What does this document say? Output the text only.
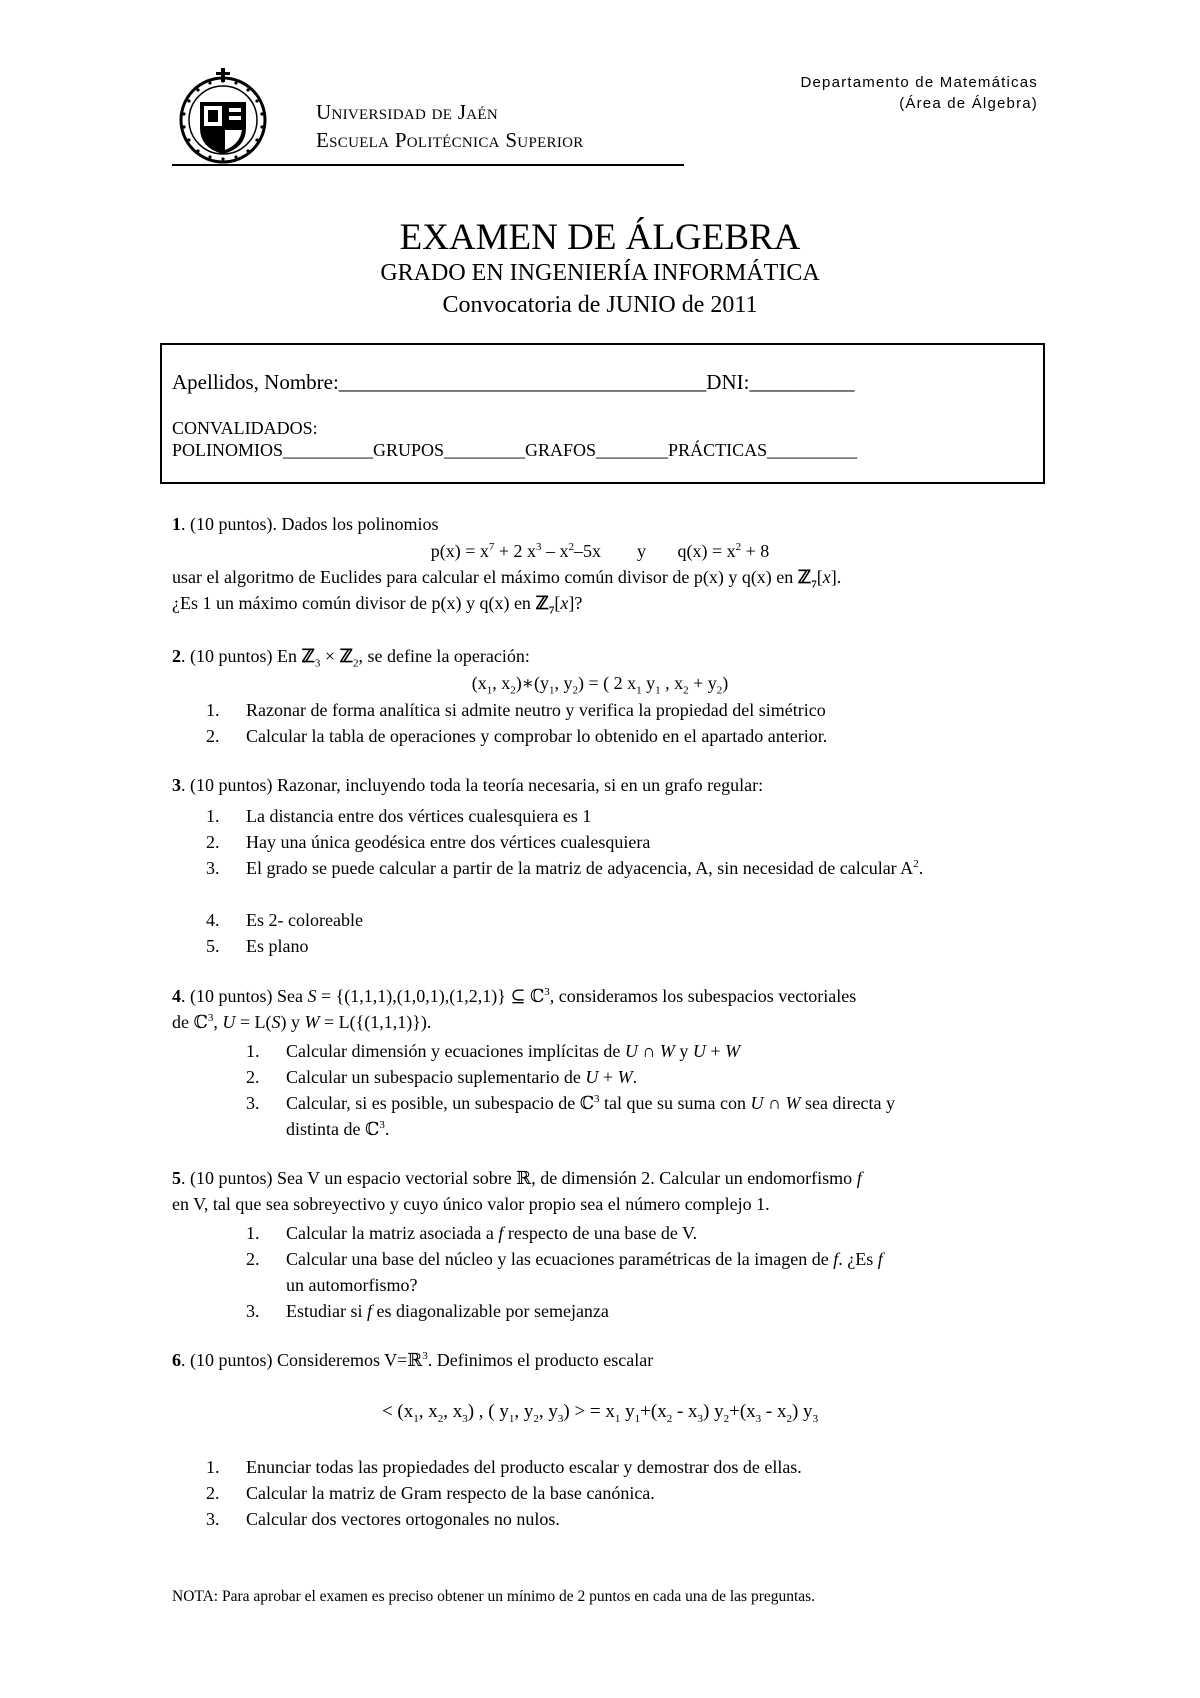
Universidad de Jaén
Escuela Politécnica Superior
Departamento de Matemáticas
(Área de Álgebra)
EXAMEN DE ÁLGEBRA
GRADO EN INGENIERÍA INFORMÁTICA
Convocatoria de JUNIO de 2011
Apellidos, Nombre:___________________________________DNI:__________
CONVALIDADOS:
POLINOMIOS__________GRUPOS_________GRAFOS________PRÁCTICAS__________
1. (10 puntos). Dados los polinomios
$p(x) = x^7 + 2$ $x^3 - x^2-5x$        y       $q(x) = x^2 + 8$
usar el algoritmo de Euclides para calcular el máximo común divisor de p(x) y q(x) en ℤ$_7$[x].
¿Es 1 un máximo común divisor de p(x) y q(x) en ℤ$_7$[x]?
2. (10 puntos) En ℤ$_3$ × ℤ$_2$, se define la operación:
($x_1$, $x_2)∗(y_1$, $y_2$) = ( 2 $x_1$ $y_1$ , $x_2 + y_2$)
1. Razonar de forma analítica si admite neutro y verifica la propiedad del simétrico
2. Calcular la tabla de operaciones y comprobar lo obtenido en el apartado anterior.
3. (10 puntos) Razonar, incluyendo toda la teoría necesaria, si en un grafo regular:
1. La distancia entre dos vértices cualesquiera es 1
2. Hay una única geodésica entre dos vértices cualesquiera
3.	El grado se puede calcular a partir de la matriz de adyacencia, A, sin necesidad de calcular $A^2$.
4. Es 2- coloreable
5. Es plano
4. (10 puntos) Sea S = {(1,1,1),(1,0,1),(1,2,1)} ⊆ ℂ$^3$, consideramos los subespacios vectoriales
de ℂ$^3$, U = L(S) y W = L({(1,1,1)}).
1. Calcular dimensión y ecuaciones implícitas de U ∩ W y U + W
2. Calcular un subespacio suplementario de U + W.
3. Calcular, si es posible, un subespacio de ℂ$^3$ tal que su suma con U ∩ W sea directa y
distinta de ℂ$^3$.
5. (10 puntos) Sea V un espacio vectorial sobre ℝ, de dimensión 2. Calcular un endomorfismo f
en V, tal que sea sobreyectivo y cuyo único valor propio sea el número complejo 1.
1. Calcular la matriz asociada a f respecto de una base de V.
2. Calcular una base del núcleo y las ecuaciones paramétricas de la imagen de f. ¿Es f
un automorfismo?
3. Estudiar si f es diagonalizable por semejanza
6. (10 puntos) Consideremos V=ℝ$^3$. Definimos el producto escalar
< ($x_1$, $x_2$, $x_3$) , ( $y_1$, $y_2$, $y_3$) > = $x_1$ $y_1+(x_2 - x_3)$ $y_2+(x_3 - x_2)$ $y_3$
1. Enunciar todas las propiedades del producto escalar y demostrar dos de ellas.
2. Calcular la matriz de Gram respecto de la base canónica.
3. Calcular dos vectores ortogonales no nulos.
NOTA: Para aprobar el examen es preciso obtener un mínimo de 2 puntos en cada una de las preguntas.
